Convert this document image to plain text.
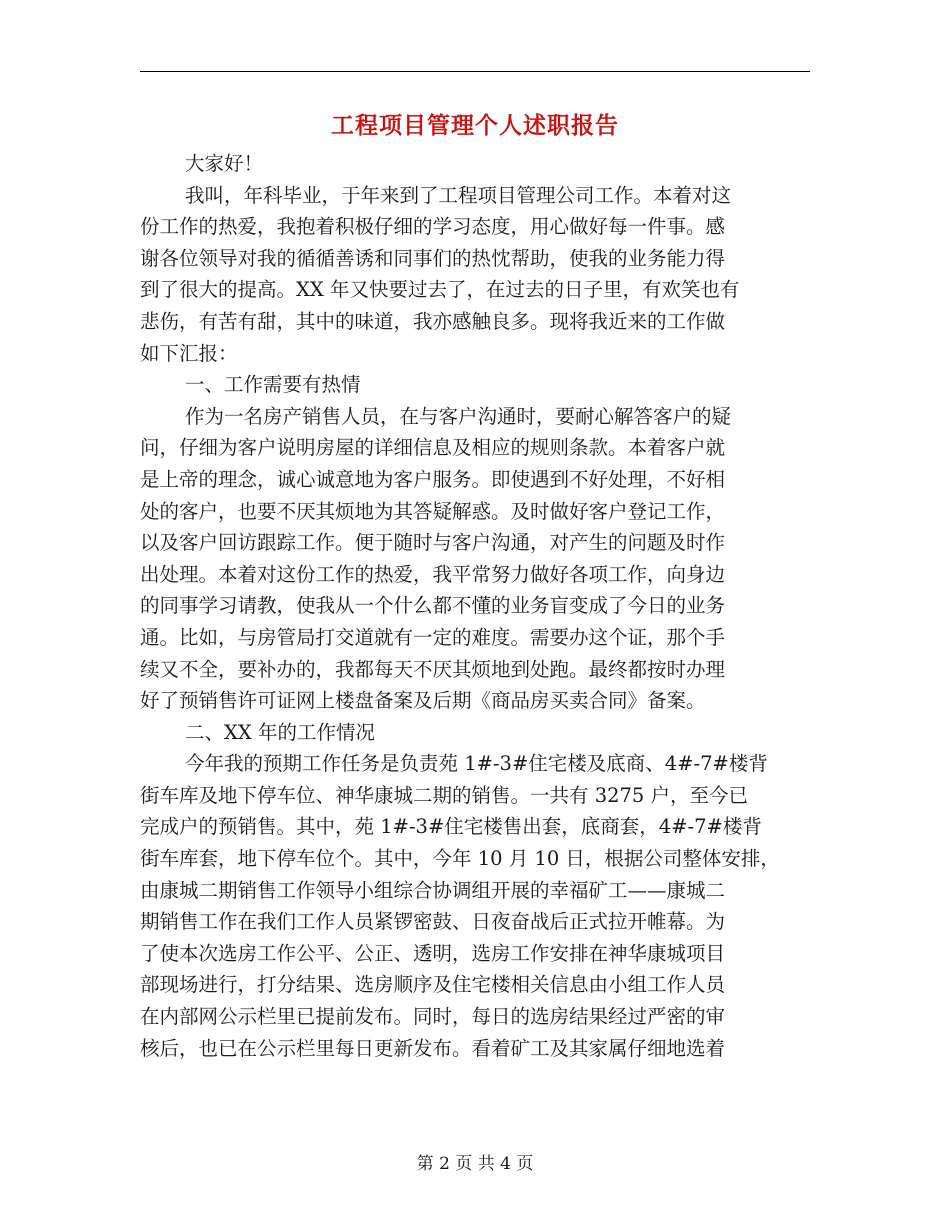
工程项目管理个人述职报告
大家好！
我叫，年科毕业，于年来到了工程项目管理公司工作。本着对这
份工作的热爱，我抱着积极仔细的学习态度，用心做好每一件事。感
谢各位领导对我的循循善诱和同事们的热忱帮助，使我的业务能力得
到了很大的提高。XX 年又快要过去了，在过去的日子里，有欢笑也有
悲伤，有苦有甜，其中的味道，我亦感触良多。现将我近来的工作做
如下汇报：
一、工作需要有热情
作为一名房产销售人员，在与客户沟通时，要耐心解答客户的疑
问，仔细为客户说明房屋的详细信息及相应的规则条款。本着客户就
是上帝的理念，诚心诚意地为客户服务。即使遇到不好处理，不好相
处的客户，也要不厌其烦地为其答疑解惑。及时做好客户登记工作，
以及客户回访跟踪工作。便于随时与客户沟通，对产生的问题及时作
出处理。本着对这份工作的热爱，我平常努力做好各项工作，向身边
的同事学习请教，使我从一个什么都不懂的业务盲变成了今日的业务
通。比如，与房管局打交道就有一定的难度。需要办这个证，那个手
续又不全，要补办的，我都每天不厌其烦地到处跑。最终都按时办理
好了预销售许可证网上楼盘备案及后期《商品房买卖合同》备案。
二、XX 年的工作情况
今年我的预期工作任务是负责苑 1#-3#住宅楼及底商、4#-7#楼背
街车库及地下停车位、神华康城二期的销售。一共有 3275 户，至今已
完成户的预销售。其中，苑 1#-3#住宅楼售出套，底商套，4#-7#楼背
街车库套，地下停车位个。其中，今年 10 月 10 日，根据公司整体安排，
由康城二期销售工作领导小组综合协调组开展的幸福矿工——康城二
期销售工作在我们工作人员紧锣密鼓、日夜奋战后正式拉开帷幕。为
了使本次选房工作公平、公正、透明，选房工作安排在神华康城项目
部现场进行，打分结果、选房顺序及住宅楼相关信息由小组工作人员
在内部网公示栏里已提前发布。同时，每日的选房结果经过严密的审
核后，也已在公示栏里每日更新发布。看着矿工及其家属仔细地选着
第 2 页 共 4 页
